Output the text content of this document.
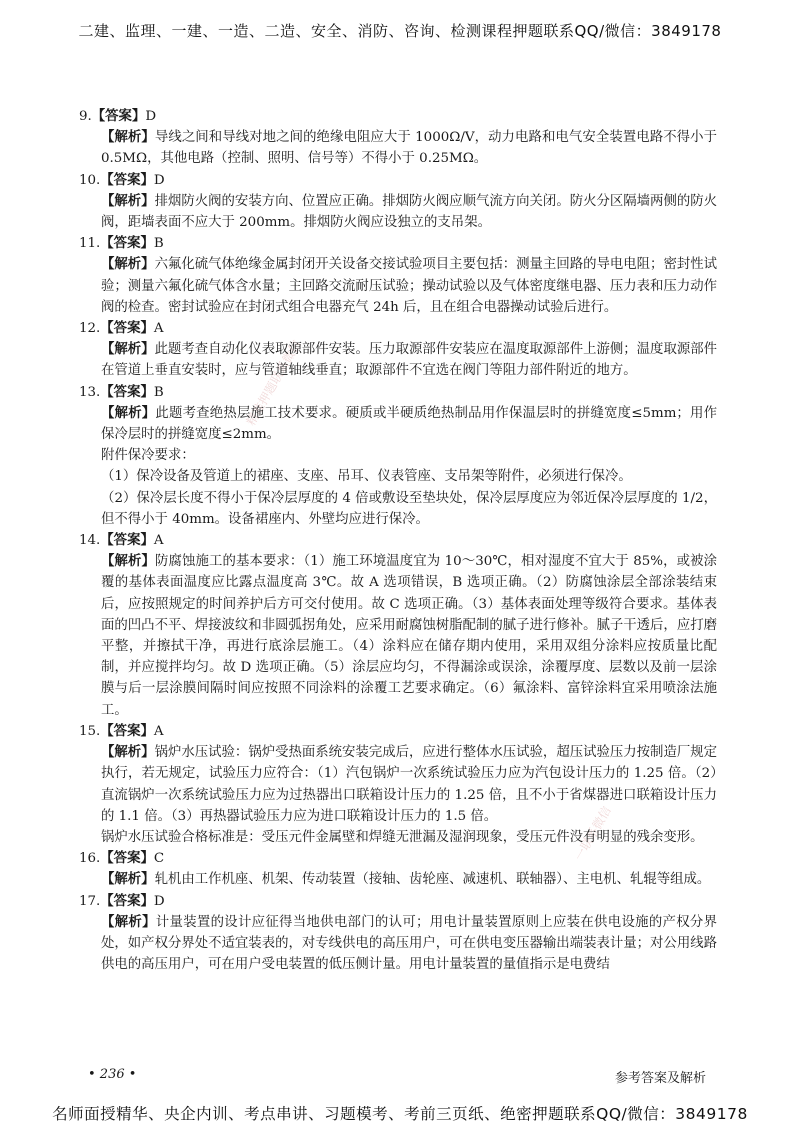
二建、监理、一建、一造、二造、安全、消防、咨询、检测课程押题联系QQ/微信：3849178
精准押题联系微信
一联系微信
9.【答案】D
【解析】导线之间和导线对地之间的绝缘电阻应大于 1000Ω/V，动力电路和电气安全装置电路不得小于 0.5MΩ，其他电路（控制、照明、信号等）不得小于 0.25MΩ。
10.【答案】D
【解析】排烟防火阀的安装方向、位置应正确。排烟防火阀应顺气流方向关闭。防火分区隔墙两侧的防火阀，距墙表面不应大于 200mm。排烟防火阀应设独立的支吊架。
11.【答案】B
【解析】六氟化硫气体绝缘金属封闭开关设备交接试验项目主要包括：测量主回路的导电电阻；密封性试验；测量六氟化硫气体含水量；主回路交流耐压试验；操动试验以及气体密度继电器、压力表和压力动作阀的检查。密封试验应在封闭式组合电器充气 24h 后，且在组合电器操动试验后进行。
12.【答案】A
【解析】此题考查自动化仪表取源部件安装。压力取源部件安装应在温度取源部件上游侧；温度取源部件在管道上垂直安装时，应与管道轴线垂直；取源部件不宜选在阀门等阻力部件附近的地方。
13.【答案】B
【解析】此题考查绝热层施工技术要求。硬质或半硬质绝热制品用作保温层时的拼缝宽度≤5mm；用作保冷层时的拼缝宽度≤2mm。
附件保冷要求：
（1）保冷设备及管道上的裙座、支座、吊耳、仪表管座、支吊架等附件，必须进行保冷。
（2）保冷层长度不得小于保冷层厚度的 4 倍或敷设至垫块处，保冷层厚度应为邻近保冷层厚度的 1/2，但不得小于 40mm。设备裙座内、外壁均应进行保冷。
14.【答案】A
【解析】防腐蚀施工的基本要求：（1）施工环境温度宜为 10～30℃，相对湿度不宜大于 85%，或被涂覆的基体表面温度应比露点温度高 3℃。故 A 选项错误，B 选项正确。（2）防腐蚀涂层全部涂装结束后，应按照规定的时间养护后方可交付使用。故 C 选项正确。（3）基体表面处理等级符合要求。基体表面的凹凸不平、焊接波纹和非圆弧拐角处，应采用耐腐蚀树脂配制的腻子进行修补。腻子干透后，应打磨平整，并擦拭干净，再进行底涂层施工。（4）涂料应在储存期内使用，采用双组分涂料应按质量比配制，并应搅拌均匀。故 D 选项正确。（5）涂层应均匀，不得漏涂或误涂，涂覆厚度、层数以及前一层涂膜与后一层涂膜间隔时间应按照不同涂料的涂覆工艺要求确定。（6）氟涂料、富锌涂料宜采用喷涂法施工。
15.【答案】A
【解析】锅炉水压试验：锅炉受热面系统安装完成后，应进行整体水压试验，超压试验压力按制造厂规定执行，若无规定，试验压力应符合：（1）汽包锅炉一次系统试验压力应为汽包设计压力的 1.25 倍。（2）直流锅炉一次系统试验压力应为过热器出口联箱设计压力的 1.25 倍，且不小于省煤器进口联箱设计压力的 1.1 倍。（3）再热器试验压力应为进口联箱设计压力的 1.5 倍。
锅炉水压试验合格标准是：受压元件金属壁和焊缝无泄漏及湿润现象，受压元件没有明显的残余变形。
16.【答案】C
【解析】轧机由工作机座、机架、传动装置（接轴、齿轮座、减速机、联轴器）、主电机、轧辊等组成。
17.【答案】D
【解析】计量装置的设计应征得当地供电部门的认可；用电计量装置原则上应装在供电设施的产权分界处，如产权分界处不适宜装表的，对专线供电的高压用户，可在供电变压器输出端装表计量；对公用线路供电的高压用户，可在用户受电装置的低压侧计量。用电计量装置的量值指示是电费结
• 236 •	参考答案及解析
名师面授精华、央企内训、考点串讲、习题模考、考前三页纸、绝密押题联系QQ/微信：3849178
